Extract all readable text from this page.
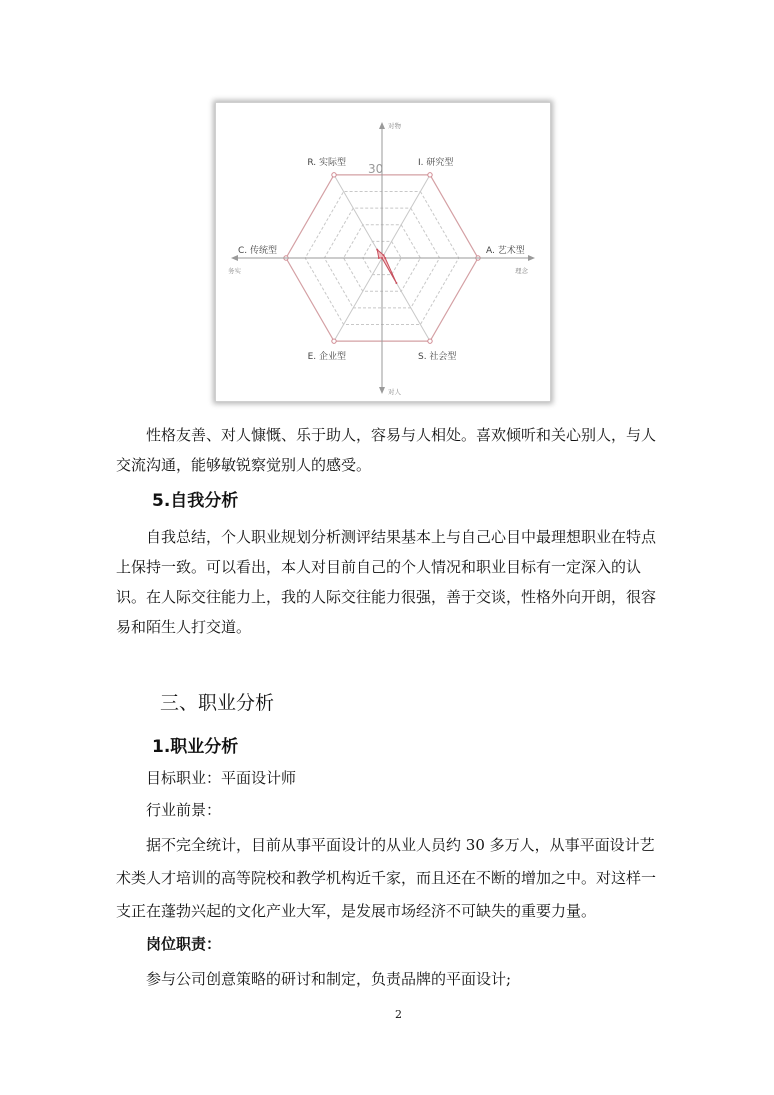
对物
对人
务实	理念
30	I. 研究型
A. 艺术型
S. 社会型
E. 企业型
C. 传统型
R. 实际型
性格友善、对人慷慨、乐于助人，容易与人相处。喜欢倾听和关心别人，与人交流沟通，能够敏锐察觉别人的感受。
5.自我分析
自我总结，个人职业规划分析测评结果基本上与自己心目中最理想职业在特点上保持一致。可以看出，本人对目前自己的个人情况和职业目标有一定深入的认识。在人际交往能力上，我的人际交往能力很强，善于交谈，性格外向开朗，很容易和陌生人打交道。
三、职业分析
1.职业分析
目标职业：平面设计师
行业前景：
据不完全统计，目前从事平面设计的从业人员约 30 多万人，从事平面设计艺术类人才培训的高等院校和教学机构近千家，而且还在不断的增加之中。对这样一支正在蓬勃兴起的文化产业大军，是发展市场经济不可缺失的重要力量。
岗位职责：
参与公司创意策略的研讨和制定，负责品牌的平面设计;
2
